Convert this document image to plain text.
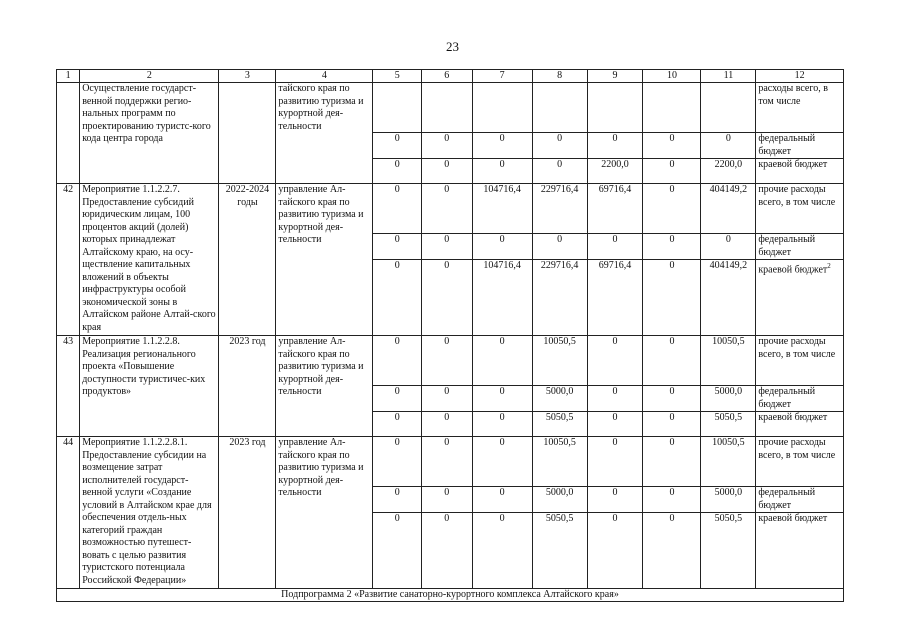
23
1	2	3	4	5	6	7	8	9	10	11	12
	Осуществление государст-венной поддержки регио-нальных программ по проектированию туристс-кого кода центра города		тайского края по развитию туризма и курортной дея-тельности								расходы всего, в том числе
				0	0	0	0	0	0	0	федеральный бюджет
				0	0	0	0	2200,0	0	2200,0	краевой бюджет
42	Мероприятие 1.1.2.2.7. Предоставление субсидий юридическим лицам, 100 процентов акций (долей) которых принадлежат Алтайскому краю, на осу-ществление капитальных вложений в объекты инфраструктуры особой экономической зоны в Алтайском районе Алтай-ского края	2022-2024 годы	управление Ал-тайского края по развитию туризма и курортной дея-тельности	0	0	104716,4	229716,4	69716,4	0	404149,2	прочие расходы всего, в том числе
				0	0	0	0	0	0	0	федеральный бюджет
				0	0	104716,4	229716,4	69716,4	0	404149,2	краевой бюджет$^2$
43	Мероприятие 1.1.2.2.8. Реализация регионального проекта «Повышение доступности туристичес-ких продуктов»	2023 год	управление Ал-тайского края по развитию туризма и курортной дея-тельности	0	0	0	10050,5	0	0	10050,5	прочие расходы всего, в том числе
				0	0	0	5000,0	0	0	5000,0	федеральный бюджет
				0	0	0	5050,5	0	0	5050,5	краевой бюджет
44	Мероприятие 1.1.2.2.8.1. Предоставление субсидии на возмещение затрат исполнителей государст-венной услуги «Создание условий в Алтайском крае для обеспечения отдель-ных категорий граждан возможностью путешест-вовать с целью развития туристского потенциала Российской Федерации»	2023 год	управление Ал-тайского края по развитию туризма и курортной дея-тельности	0	0	0	10050,5	0	0	10050,5	прочие расходы всего, в том числе
				0	0	0	5000,0	0	0	5000,0	федеральный бюджет
				0	0	0	5050,5	0	0	5050,5	краевой бюджет
Подпрограмма 2 «Развитие санаторно-курортного комплекса Алтайского края»											
